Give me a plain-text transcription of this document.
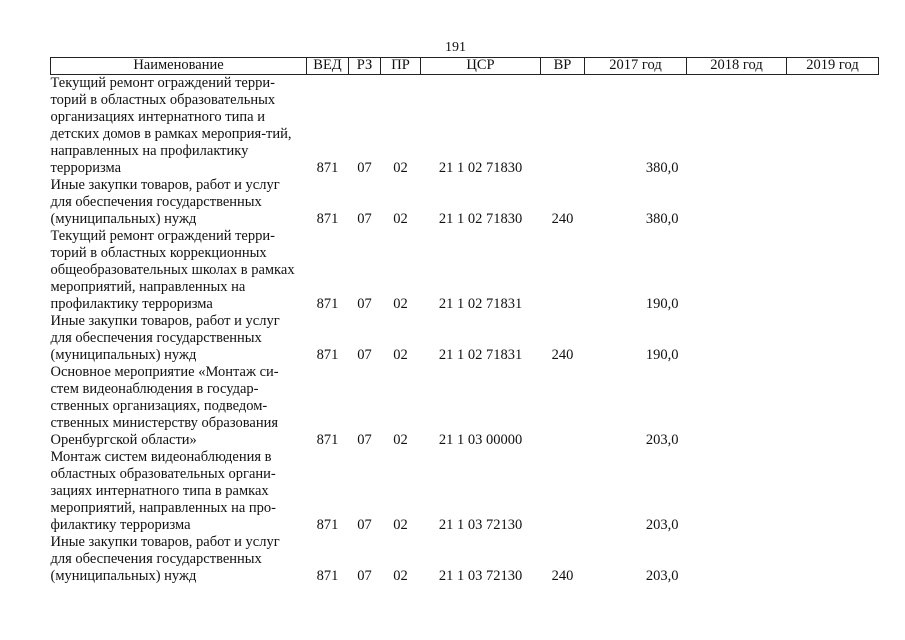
191
Наименование	ВЕД	РЗ	ПР	ЦСР	ВР	2017 год	2018 год	2019 год

Текущий ремонт ограждений терри-торий в областных образовательных организациях интернатного типа и детских домов в рамках мероприя-тий, направленных на профилактику терроризма	871	07	02	21 1 02 71830		380,0		

Иные закупки товаров, работ и услуг для обеспечения государственных (муниципальных) нужд	871	07	02	21 1 02 71830	240	380,0		

Текущий ремонт ограждений терри-торий в областных коррекционных общеобразовательных школах в рамках мероприятий, направленных на профилактику терроризма	871	07	02	21 1 02 71831		190,0		

Иные закупки товаров, работ и услуг для обеспечения государственных (муниципальных) нужд	871	07	02	21 1 02 71831	240	190,0		

Основное мероприятие «Монтаж си-стем видеонаблюдения в государ-ственных организациях, подведом-ственных министерству образования Оренбургской области»	871	07	02	21 1 03 00000		203,0		

Монтаж систем видеонаблюдения в областных образовательных органи-зациях интернатного типа в рамках мероприятий, направленных на про-филактику терроризма	871	07	02	21 1 03 72130		203,0		

Иные закупки товаров, работ и услуг для обеспечения государственных (муниципальных) нужд	871	07	02	21 1 03 72130	240	203,0		
